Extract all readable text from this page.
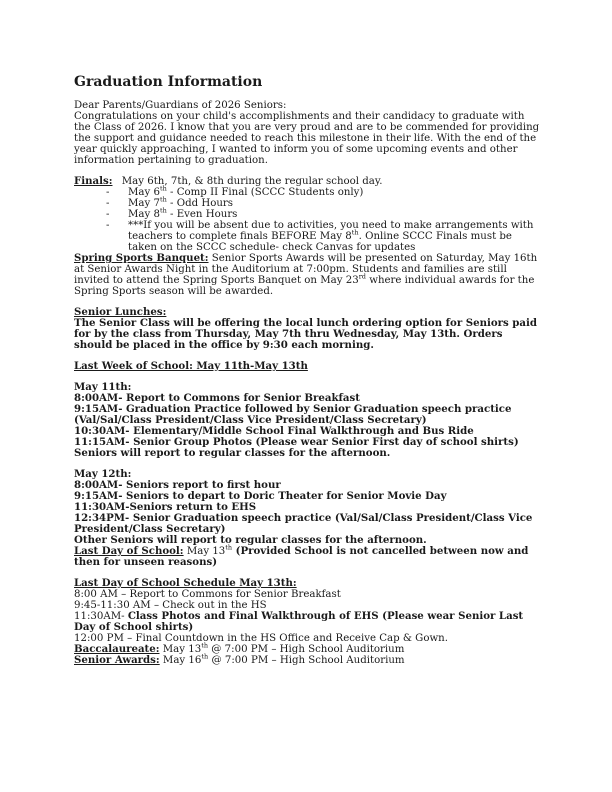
Graduation Information

Dear Parents/Guardians of 2026 Seniors:

Congratulations on your child's accomplishments and their candidacy to graduate with the Class of 2026. I know that you are very proud and are to be commended for providing the support and guidance needed to reach this milestone in their life. With the end of the year quickly approaching, I wanted to inform you of some upcoming events and other information pertaining to graduation.

Finals: May 6th, 7th, & 8th during the regular school day.
-	May 6th - Comp II Final (SCCC Students only)
-	May 7th - Odd Hours
-	May 8th - Even Hours
-	***If you will be absent due to activities, you need to make arrangements with teachers to complete finals BEFORE May 8th. Online SCCC Finals must be taken on the SCCC schedule- check Canvas for updates

Spring Sports Banquet: Senior Sports Awards will be presented on Saturday, May 16th at Senior Awards Night in the Auditorium at 7:00pm. Students and families are still invited to attend the Spring Sports Banquet on May 23rd where individual awards for the Spring Sports season will be awarded.

Senior Lunches:
The Senior Class will be offering the local lunch ordering option for Seniors paid for by the class from Thursday, May 7th thru Wednesday, May 13th. Orders should be placed in the office by 9:30 each morning.
Last Week of School: May 11th-May 13th
May 11th:
8:00AM- Report to Commons for Senior Breakfast
9:15AM- Graduation Practice followed by Senior Graduation speech practice (Val/Sal/Class President/Class Vice President/Class Secretary)
10:30AM- Elementary/Middle School Final Walkthrough and Bus Ride
11:15AM- Senior Group Photos (Please wear Senior First day of school shirts)
Seniors will report to regular classes for the afternoon.
May 12th:
8:00AM- Seniors report to first hour
9:15AM- Seniors to depart to Doric Theater for Senior Movie Day
11:30AM-Seniors return to EHS
12:34PM- Senior Graduation speech practice (Val/Sal/Class President/Class Vice President/Class Secretary)
Other Seniors will report to regular classes for the afternoon.

Last Day of School: May 13th (Provided School is not cancelled between now and then for unseen reasons)

Last Day of School Schedule May 13th:
8:00 AM – Report to Commons for Senior Breakfast
9:45-11:30 AM – Check out in the HS
11:30AM- Class Photos and Final Walkthrough of EHS (Please wear Senior Last Day of School shirts)
12:00 PM – Final Countdown in the HS Office and Receive Cap & Gown.

Baccalaureate: May 13th @ 7:00 PM – High School Auditorium

Senior Awards: May 16th @ 7:00 PM – High School Auditorium
